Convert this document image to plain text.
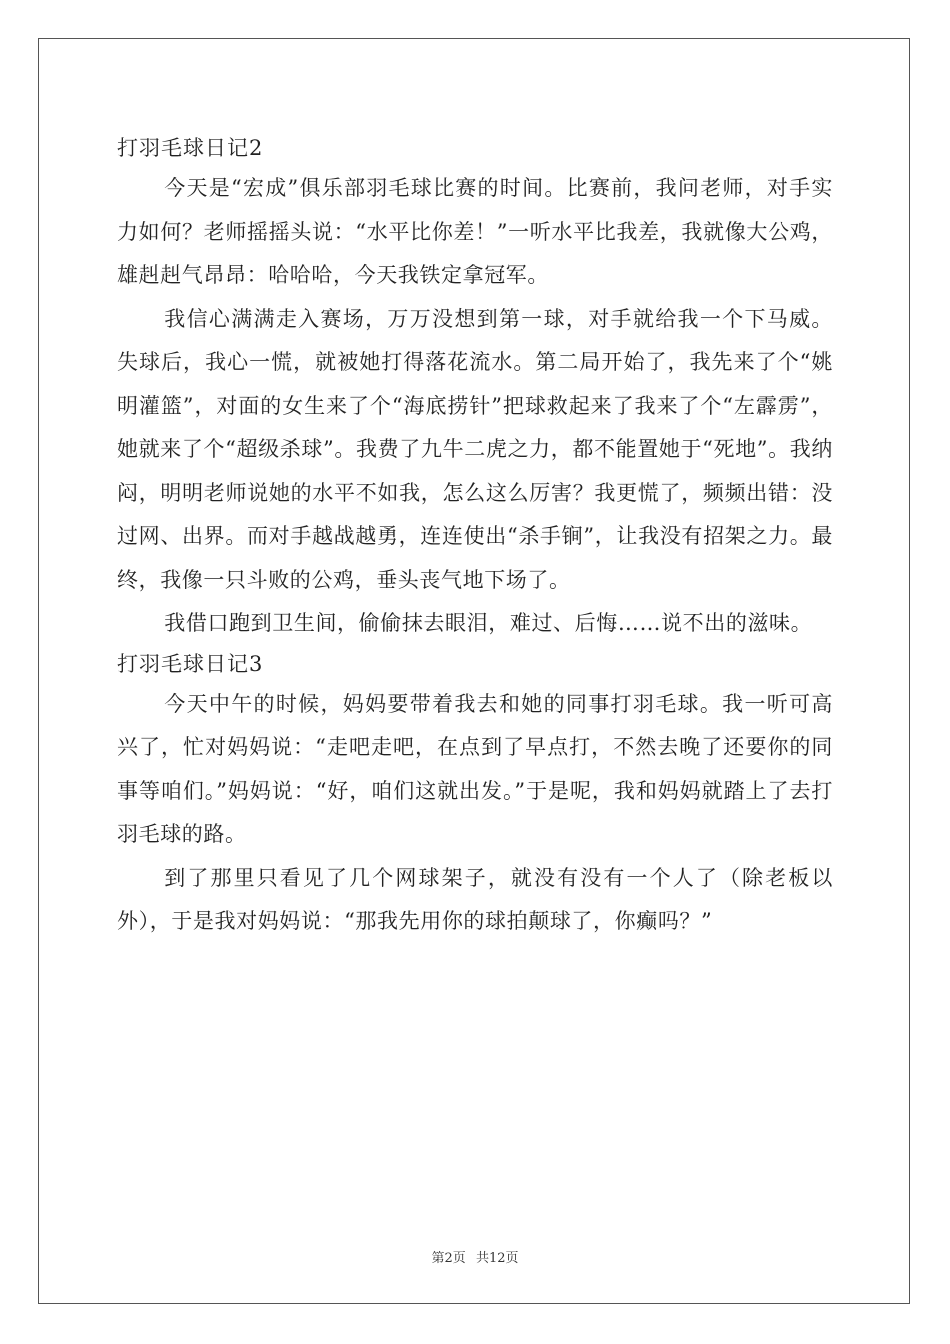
打羽毛球日记2

今天是“宏成”俱乐部羽毛球比赛的时间。比赛前，我问老师，对手实力如何？老师摇摇头说：“水平比你差！”一听水平比我差，我就像大公鸡，雄赳赳气昂昂：哈哈哈，今天我铁定拿冠军。

我信心满满走入赛场，万万没想到第一球，对手就给我一个下马威。失球后，我心一慌，就被她打得落花流水。第二局开始了，我先来了个“姚明灌篮”，对面的女生来了个“海底捞针”把球救起来了我来了个“左霹雳”，她就来了个“超级杀球”。我费了九牛二虎之力，都不能置她于“死地”。我纳闷，明明老师说她的水平不如我，怎么这么厉害？我更慌了，频频出错：没过网、出界。而对手越战越勇，连连使出“杀手锏”，让我没有招架之力。最终，我像一只斗败的公鸡，垂头丧气地下场了。

我借口跑到卫生间，偷偷抹去眼泪，难过、后悔……说不出的滋味。

打羽毛球日记3

今天中午的时候，妈妈要带着我去和她的同事打羽毛球。我一听可高兴了，忙对妈妈说：“走吧走吧，在点到了早点打，不然去晚了还要你的同事等咱们。”妈妈说：“好，咱们这就出发。”于是呢，我和妈妈就踏上了去打羽毛球的路。

到了那里只看见了几个网球架子，就没有没有一个人了（除老板以外），于是我对妈妈说：“那我先用你的球拍颠球了，你癫吗？”

第2页 共12页
